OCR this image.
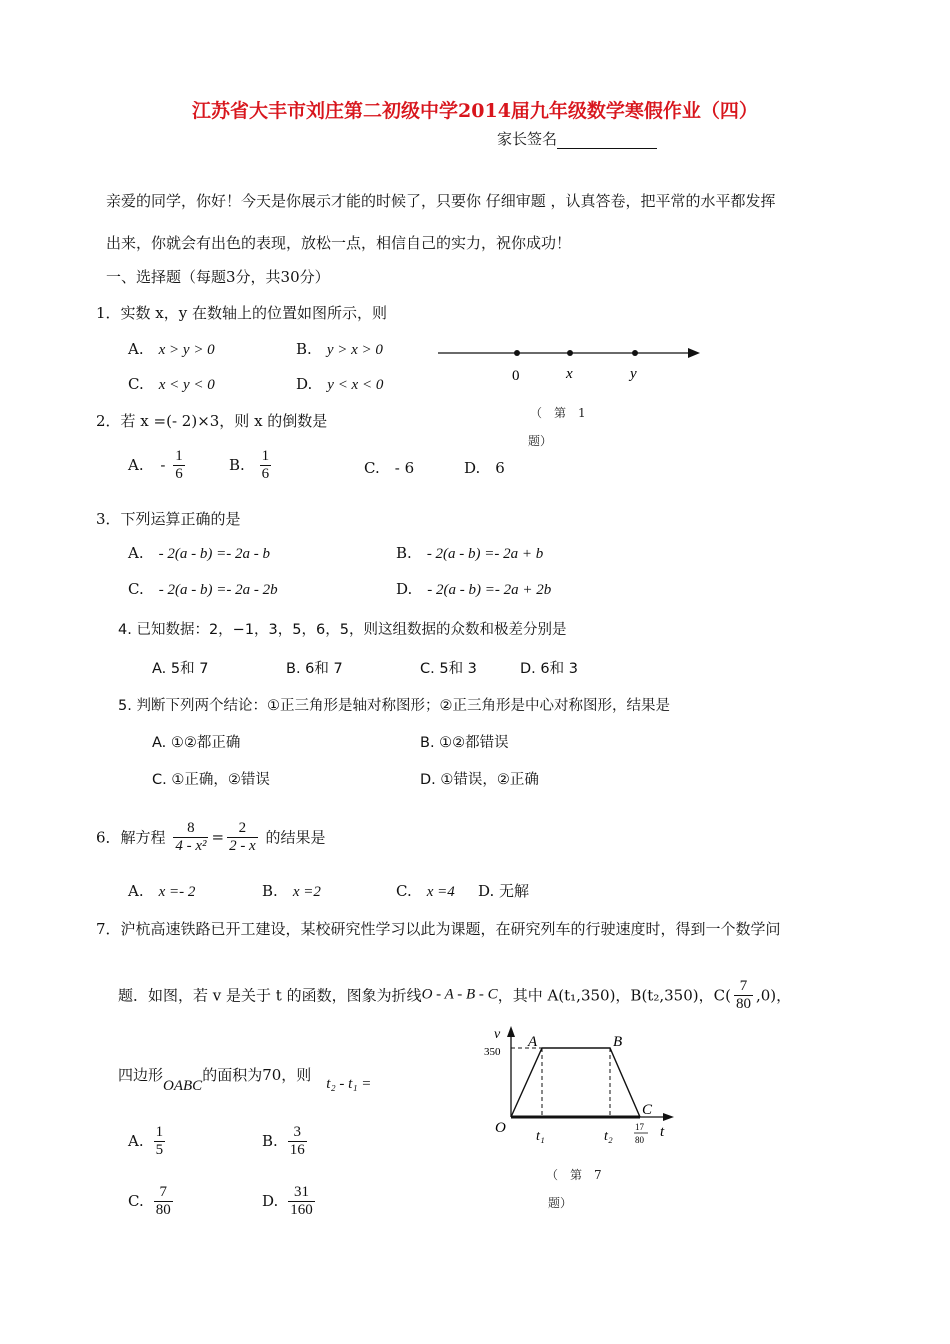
江苏省大丰市刘庄第二初级中学2014届九年级数学寒假作业（四）
家长签名
亲爱的同学，你好！今天是你展示才能的时候了，只要你 仔细审题 ，认真答卷，把平常的水平都发挥
出来，你就会有出色的表现，放松一点，相信自己的实力，祝你成功！
一、选择题（每题3分，共30分）
1．实数 x，y 在数轴上的位置如图所示，则
A.　 x > y > 0	B.　 y > x > 0
C.　 x < y < 0	D.　 y < x < 0
0	x	y
（　第　1
题）
2．若 x =(- 2)×3，则 x 的倒数是
A. - $\frac{1}{6}$	B. $\frac{1}{6}$	C.　 - 6	D.　 6
3．下列运算正确的是
A.　 - 2(a - b) =- 2a - b	B.　 - 2(a - b) =- 2a + b
C.　 - 2(a - b) =- 2a - 2b	D.　 - 2(a - b) =- 2a + 2b
4. 已知数据：2，−1，3，5，6，5，则这组数据的众数和极差分别是
A. 5和 7	B. 6和 7	C. 5和 3	D. 6和 3
5. 判断下列两个结论：①正三角形是轴对称图形；②正三角形是中心对称图形，结果是
A. ①②都正确	B. ①②都错误
C. ①正确，②错误	D. ①错误，②正确
6．解方程 $\frac{8}{\text{4 - x²}} = \frac{2}{2 - x}$ 的结果是
A.　 x =- 2	B.　 x =2	C.　 x =4 D. 无解
7．沪杭高速铁路已开工建设，某校研究性学习以此为课题，在研究列车的行驶速度时，得到一个数学问
题．如图，若 v 是关于 t 的函数，图象为折线O - A - B - C，其中 A(t₁,350)，B(t₂,350)，$C( \frac{7}{80} ,0)$，
四边形OABC的面积为70，则　 t₂ - t₁ =
A. $\frac{1}{5}$	B. $\frac{3}{16}$
C. $\frac{7}{80}$	D. $\frac{31}{160}$
v
350
A	B
C
O
t₁	t₂
17
80 t
（　第　7
题）
